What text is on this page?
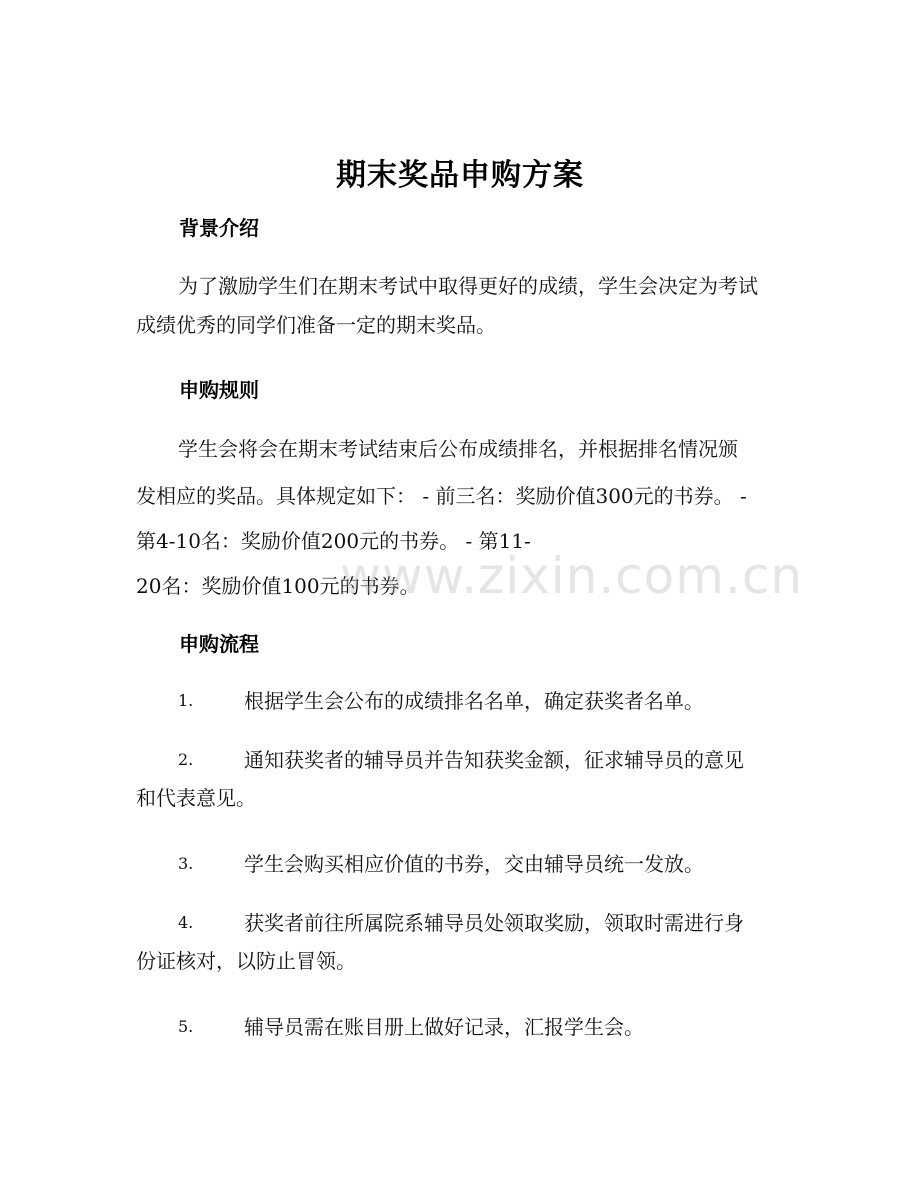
期末奖品申购方案
背景介绍

为了激励学生们在期末考试中取得更好的成绩，学生会决定为考试成绩优秀的同学们准备一定的期末奖品。

申购规则
学生会将会在期末考试结束后公布成绩排名，并根据排名情况颁
发相应的奖品。具体规定如下： - 前三名：奖励价值300元的书券。 -
第4-10名：奖励价值200元的书券。 - 第11-
20名：奖励价值100元的书券。
申购流程
1.	根据学生会公布的成绩排名名单，确定获奖者名单。
2.	通知获奖者的辅导员并告知获奖金额，征求辅导员的意见
和代表意见。
3.	学生会购买相应价值的书券，交由辅导员统一发放。
4.	获奖者前往所属院系辅导员处领取奖励，领取时需进行身
份证核对，以防止冒领。
5.	辅导员需在账目册上做好记录，汇报学生会。
www.zixin.com.cn
